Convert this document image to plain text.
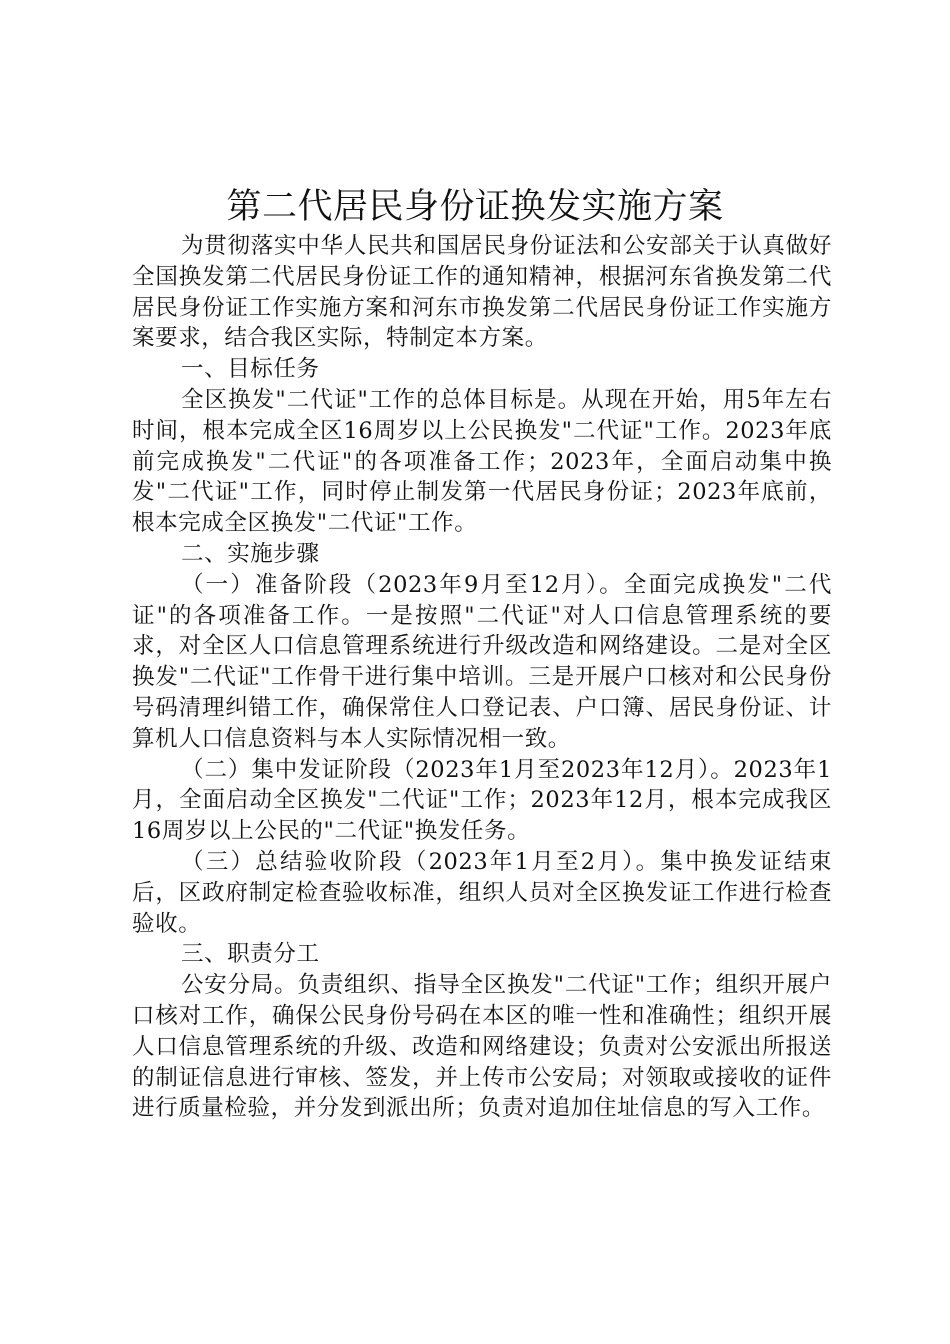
第二代居民身份证换发实施方案

为贯彻落实中华人民共和国居民身份证法和公安部关于认真做好全国换发第二代居民身份证工作的通知精神，根据河东省换发第二代居民身份证工作实施方案和河东市换发第二代居民身份证工作实施方案要求，结合我区实际，特制定本方案。

一、目标任务

全区换发"二代证"工作的总体目标是。从现在开始，用5年左右时间，根本完成全区16周岁以上公民换发"二代证"工作。2023年底前完成换发"二代证"的各项准备工作；2023年，全面启动集中换发"二代证"工作，同时停止制发第一代居民身份证；2023年底前，根本完成全区换发"二代证"工作。

二、实施步骤

（一）准备阶段（2023年9月至12月）。全面完成换发"二代证"的各项准备工作。一是按照"二代证"对人口信息管理系统的要求，对全区人口信息管理系统进行升级改造和网络建设。二是对全区换发"二代证"工作骨干进行集中培训。三是开展户口核对和公民身份号码清理纠错工作，确保常住人口登记表、户口簿、居民身份证、计算机人口信息资料与本人实际情况相一致。

（二）集中发证阶段（2023年1月至2023年12月）。2023年1月，全面启动全区换发"二代证"工作；2023年12月，根本完成我区16周岁以上公民的"二代证"换发任务。

（三）总结验收阶段（2023年1月至2月）。集中换发证结束后，区政府制定检查验收标准，组织人员对全区换发证工作进行检查验收。

三、职责分工

公安分局。负责组织、指导全区换发"二代证"工作；组织开展户口核对工作，确保公民身份号码在本区的唯一性和准确性；组织开展人口信息管理系统的升级、改造和网络建设；负责对公安派出所报送的制证信息进行审核、签发，并上传市公安局；对领取或接收的证件进行质量检验，并分发到派出所；负责对追加住址信息的写入工作。
